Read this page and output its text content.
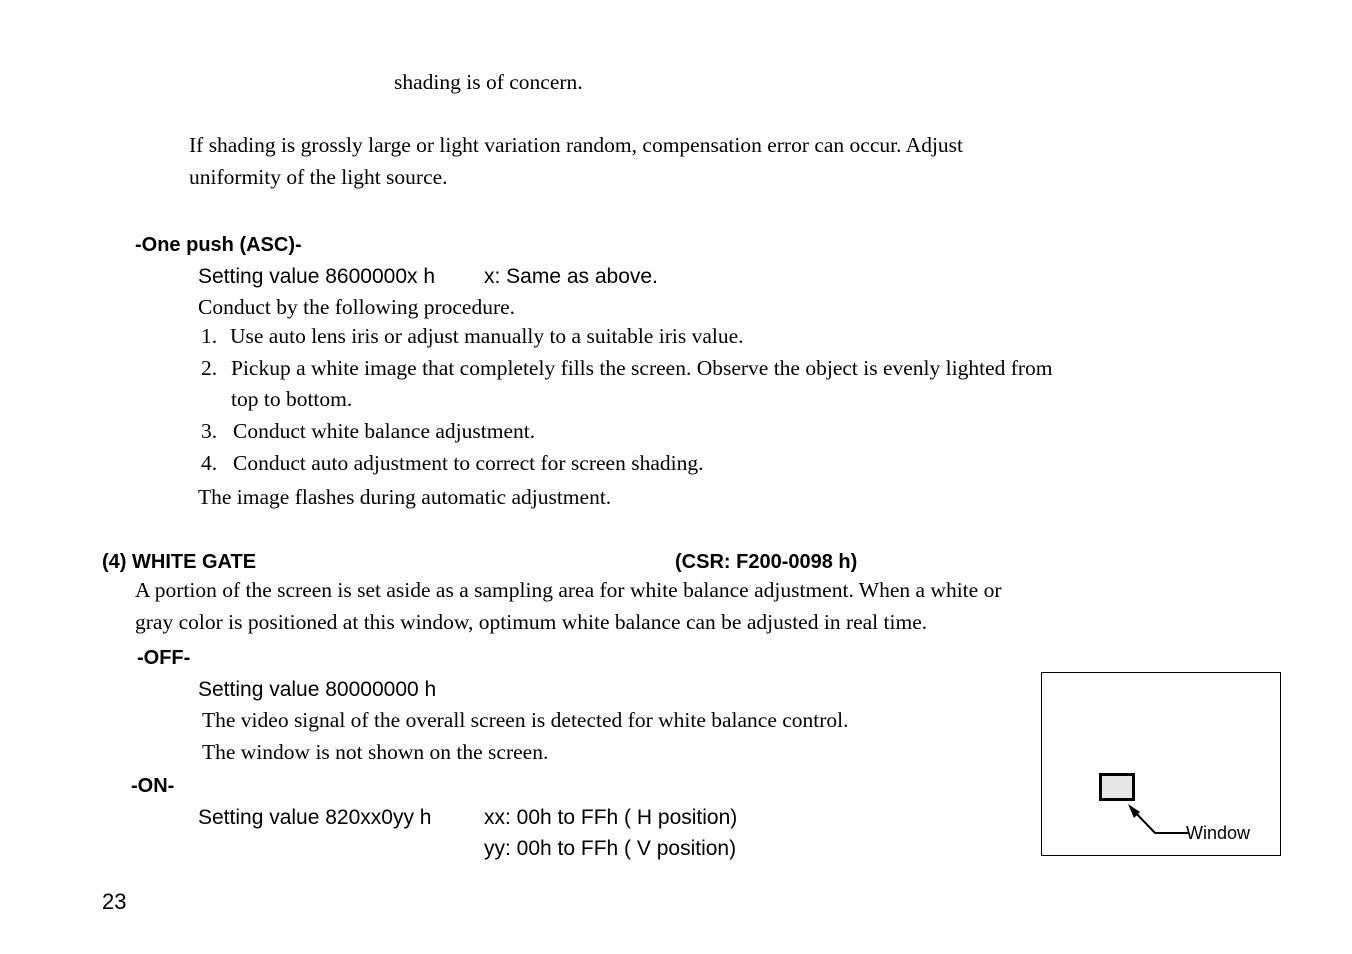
shading is of concern.
If shading is grossly large or light variation random, compensation error can occur. Adjust
uniformity of the light source.
-One push (ASC)-
Setting value 8600000x h x: Same as above.
Conduct by the following procedure.
1. Use auto lens iris or adjust manually to a suitable iris value.
2. Pickup a white image that completely fills the screen. Observe the object is evenly lighted from
top to bottom.
3. Conduct white balance adjustment.
4. Conduct auto adjustment to correct for screen shading.
The image flashes during automatic adjustment.
(4) WHITE GATE	(CSR: F200-0098 h)
A portion of the screen is set aside as a sampling area for white balance adjustment. When a white or
gray color is positioned at this window, optimum white balance can be adjusted in real time.
-OFF-
Setting value 80000000 h
The video signal of the overall screen is detected for white balance control.
The window is not shown on the screen.
-ON-
Setting value 820xx0yy h	xx: 00h to FFh ( H position)
yy: 00h to FFh ( V position)
Window
23
